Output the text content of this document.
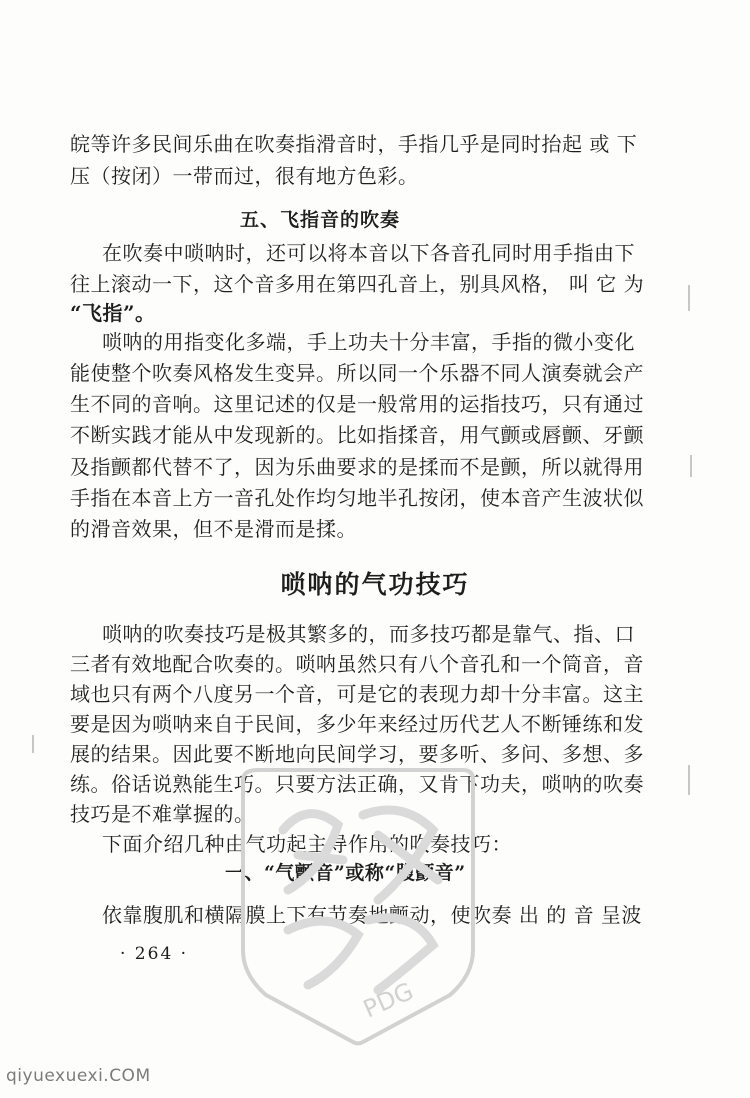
皖等许多民间乐曲在吹奏指滑音时，手指几乎是同时抬起 或 下
压（按闭）一带而过，很有地方色彩。
五、飞指音的吹奏
在吹奏中唢呐时，还可以将本音以下各音孔同时用手指由下
往上滚动一下，这个音多用在第四孔音上，别具风格， 叫 它 为
“飞指”。
唢呐的用指变化多端，手上功夫十分丰富，手指的微小变化
能使整个吹奏风格发生变异。所以同一个乐器不同人演奏就会产
生不同的音响。这里记述的仅是一般常用的运指技巧，只有通过
不断实践才能从中发现新的。比如指揉音，用气颤或唇颤、牙颤
及指颤都代替不了，因为乐曲要求的是揉而不是颤，所以就得用
手指在本音上方一音孔处作均匀地半孔按闭，使本音产生波状似
的滑音效果，但不是滑而是揉。
唢呐的气功技巧
唢呐的吹奏技巧是极其繁多的，而多技巧都是靠气、指、口
三者有效地配合吹奏的。唢呐虽然只有八个音孔和一个筒音，音
域也只有两个八度另一个音，可是它的表现力却十分丰富。这主
要是因为唢呐来自于民间，多少年来经过历代艺人不断锤练和发
展的结果。因此要不断地向民间学习，要多听、多问、多想、多
练。俗话说熟能生巧。只要方法正确，又肯下功夫，唢呐的吹奏
技巧是不难掌握的。
下面介绍几种由气功起主导作用的吹奏技巧：
一、“气颤音”或称“腹颤音”
依靠腹肌和横隔膜上下有节奏地颤动，使吹奏 出 的 音 呈波
· 264 ·
PDG
qiyuexuexi.COM
